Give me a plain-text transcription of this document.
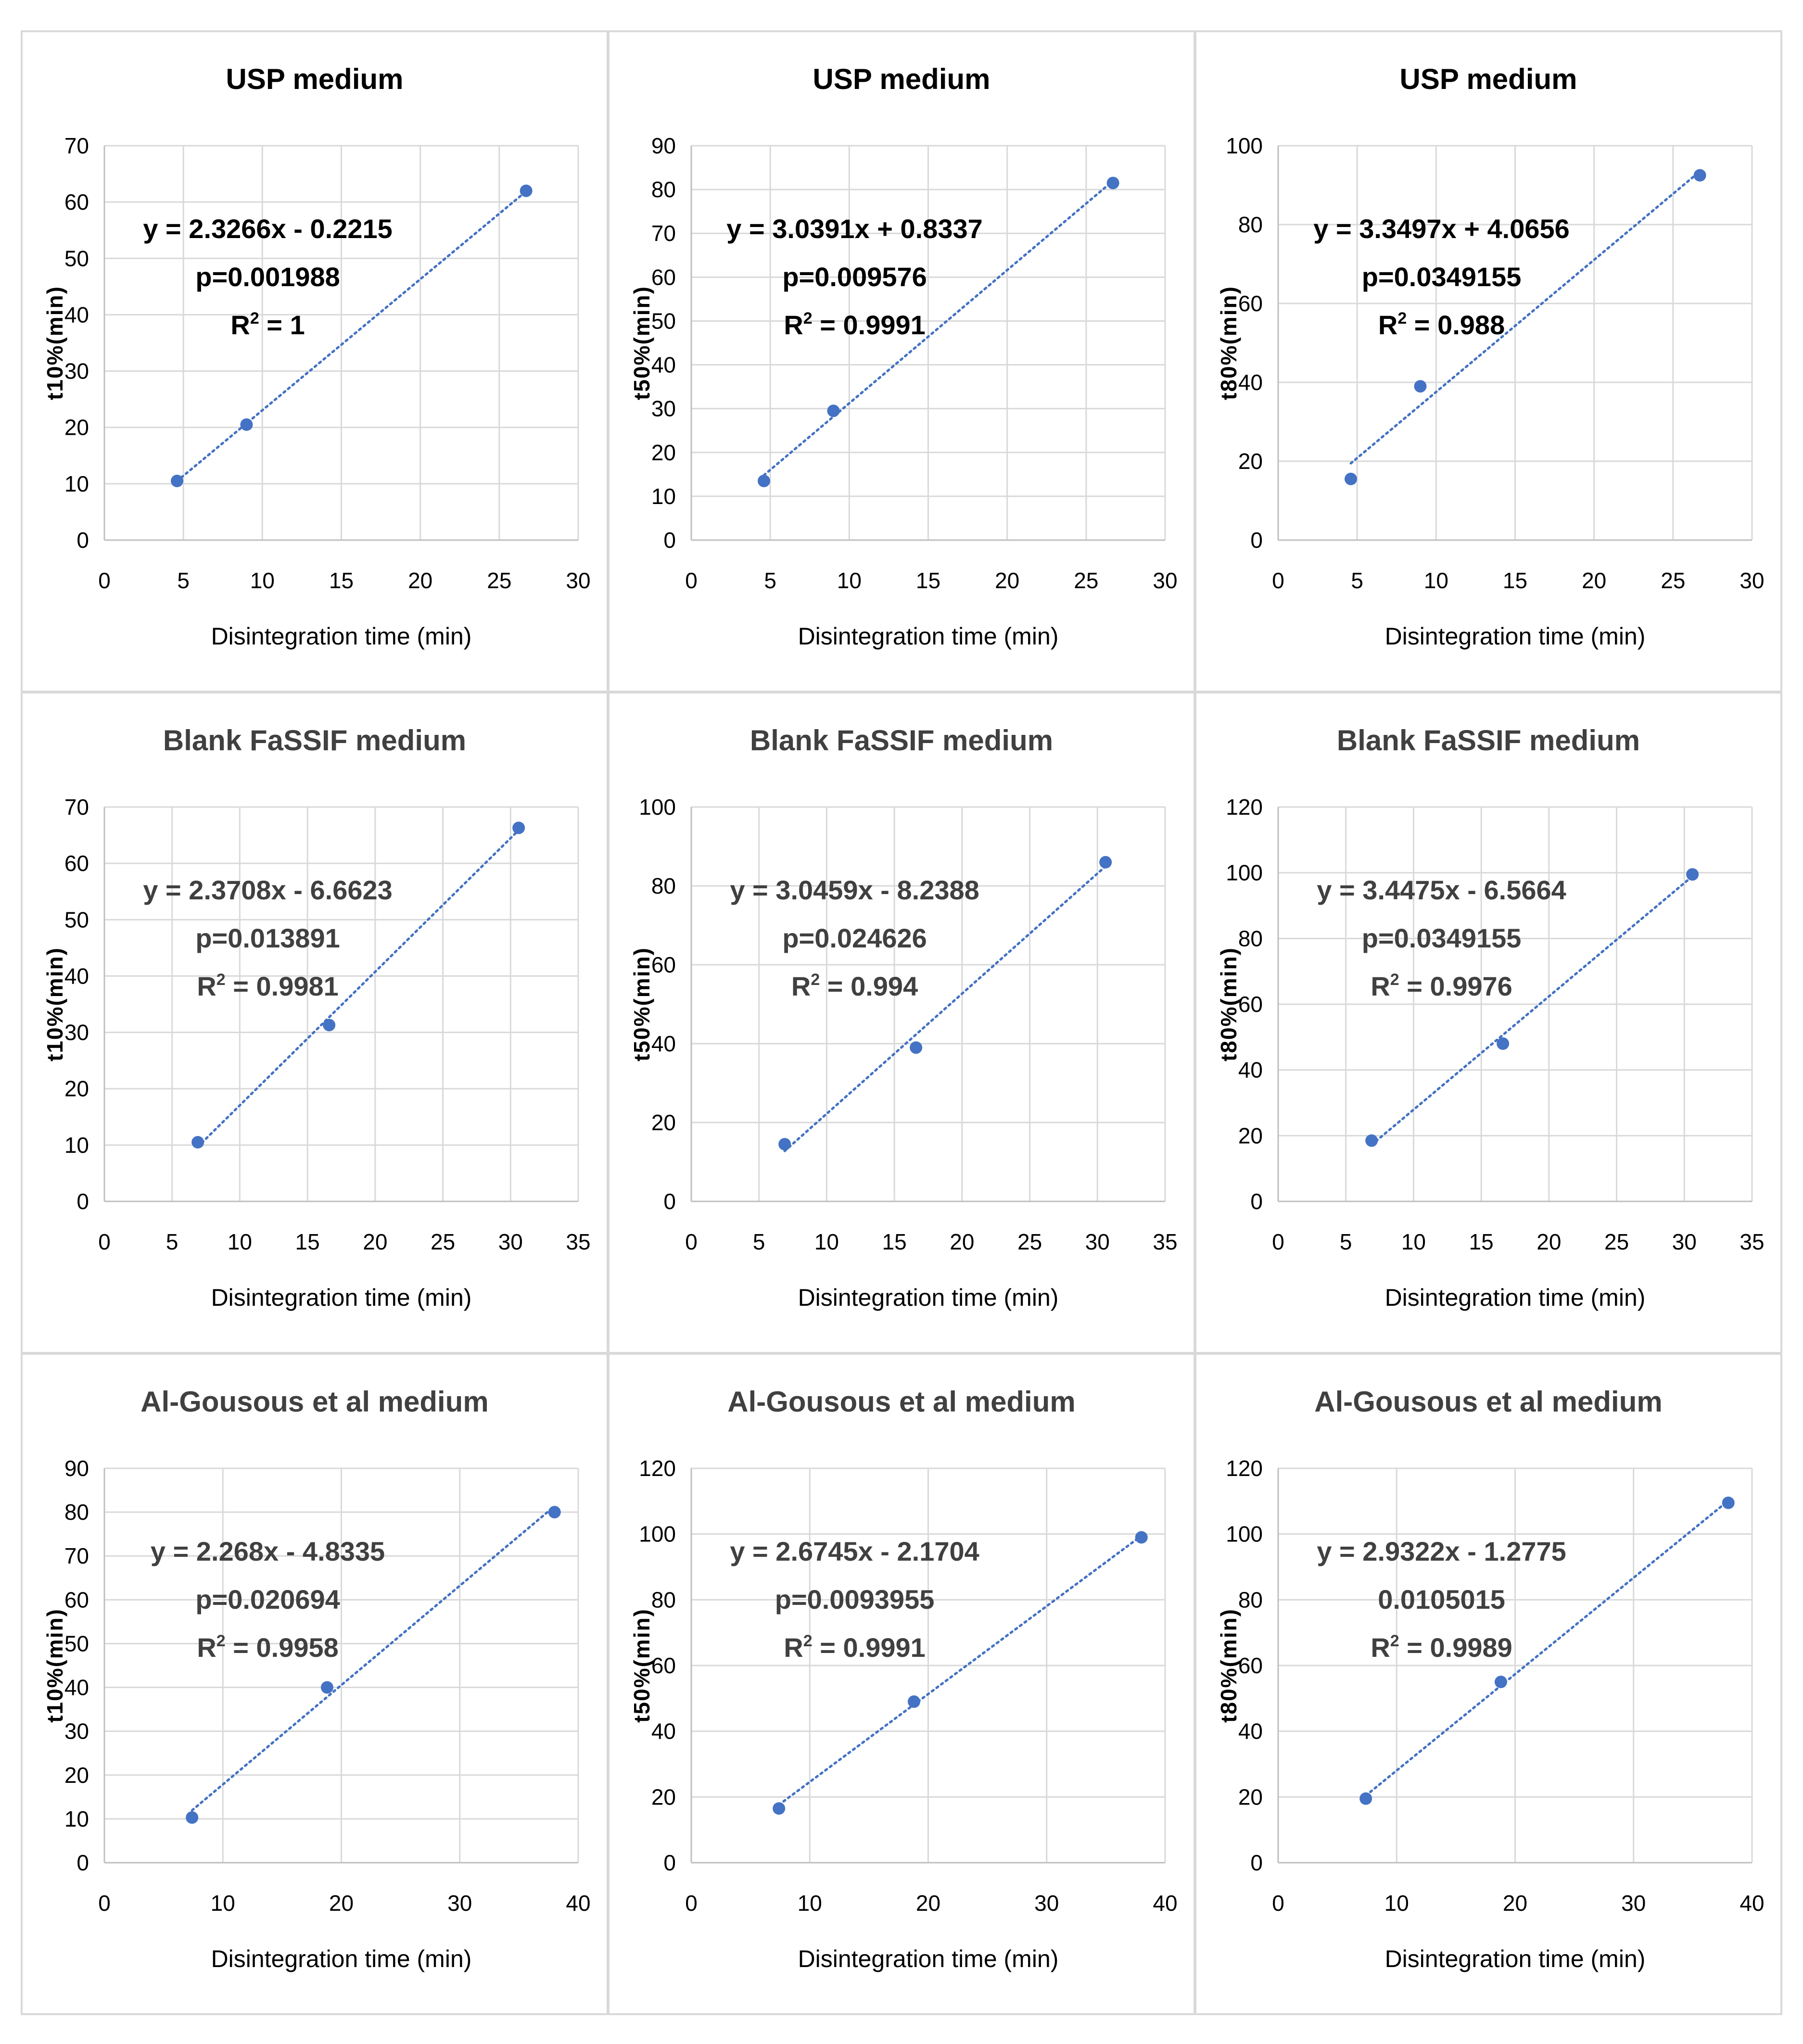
USP medium
0
10
20
30
40
50
60
70
0	5	10 15 20 25 30
Disintegration time (min)
t10%(min)
y = 2.3266x - 0.2215
p=0.001988
$R^2 = 1$
USP medium
0
10
20
30
40
50
60
70
80
90
0	5	10 15 20 25 30
Disintegration time (min)
t50%(min)
y = 3.0391x + 0.8337
p=0.009576
$R^2 = 0.9991$
USP medium
0
20
40
60
80
100
0	5	10 15 20 25 30
Disintegration time (min)
t80%(min)
y = 3.3497x + 4.0656
p=0.0349155
$R^2 = 0.988$
Blank FaSSIF medium
0
10
20
30
40
50
60
70
0	5 10 15 20 25 30 35
Disintegration time (min)
t10%(min)
y = 2.3708x - 6.6623
p=0.013891
$R^2 = 0.9981$
Blank FaSSIF medium
0
20
40
60
80
100
0	5 10 15 20 25 30 35
Disintegration time (min)
t50%(min)
y = 3.0459x - 8.2388
p=0.024626
$R^2 = 0.994$
Blank FaSSIF medium
0
20
40
60
80
100
120
0	5 10 15 20 25 30 35
Disintegration time (min)
t80%(min)
y = 3.4475x - 6.5664
p=0.0349155
$R^2 = 0.9976$
Al-Gousous et al medium
0
10
20
30
40
50
60
70
80
90
0	10	20	30	40
Disintegration time (min)
t10%(min)
y = 2.268x - 4.8335
p=0.020694
$R^2 = 0.9958$
Al-Gousous et al medium
0
20
40
60
80
100
120
0	10	20	30	40
Disintegration time (min)
t50%(min)
y = 2.6745x - 2.1704
p=0.0093955
$R^2 = 0.9991$
Al-Gousous et al medium
0
20
40
60
80
100
120
0	10	20	30	40
Disintegration time (min)
t80%(min)
y = 2.9322x - 1.2775
0.0105015
$R^2 = 0.9989$
